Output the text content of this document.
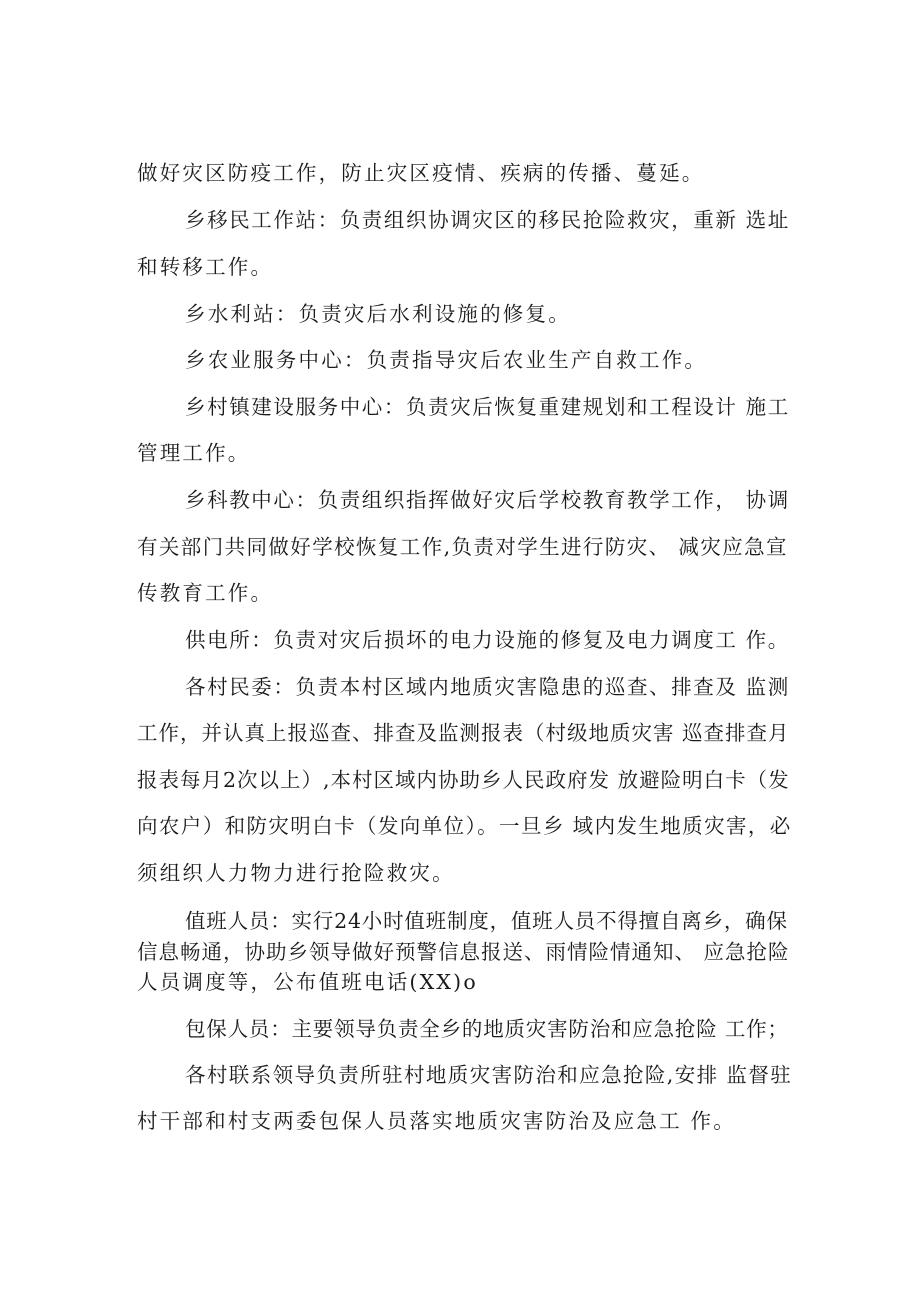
做好灾区防疫工作，防止灾区疫情、疾病的传播、蔓延。
乡移民工作站：负责组织协调灾区的移民抢险救灾，重新 选址
和转移工作。
乡水利站：负责灾后水利设施的修复。
乡农业服务中心：负责指导灾后农业生产自救工作。
乡村镇建设服务中心：负责灾后恢复重建规划和工程设计 施工
管理工作。
乡科教中心：负责组织指挥做好灾后学校教育教学工作， 协调
有关部门共同做好学校恢复工作,负责对学生进行防灾、 减灾应急宣
传教育工作。
供电所：负责对灾后损坏的电力设施的修复及电力调度工 作。
各村民委：负责本村区域内地质灾害隐患的巡查、排查及 监测
工作，并认真上报巡查、排查及监测报表（村级地质灾害 巡查排查月
报表每月2次以上）,本村区域内协助乡人民政府发 放避险明白卡（发
向农户）和防灾明白卡（发向单位）。一旦乡 域内发生地质灾害，必
须组织人力物力进行抢险救灾。
值班人员：实行24小时值班制度，值班人员不得擅自离乡，确保
信息畅通，协助乡领导做好预警信息报送、雨情险情通知、 应急抢险
人员调度等，公布值班电话(XX)o
包保人员：主要领导负责全乡的地质灾害防治和应急抢险 工作；
各村联系领导负责所驻村地质灾害防治和应急抢险,安排 监督驻
村干部和村支两委包保人员落实地质灾害防治及应急工 作。
